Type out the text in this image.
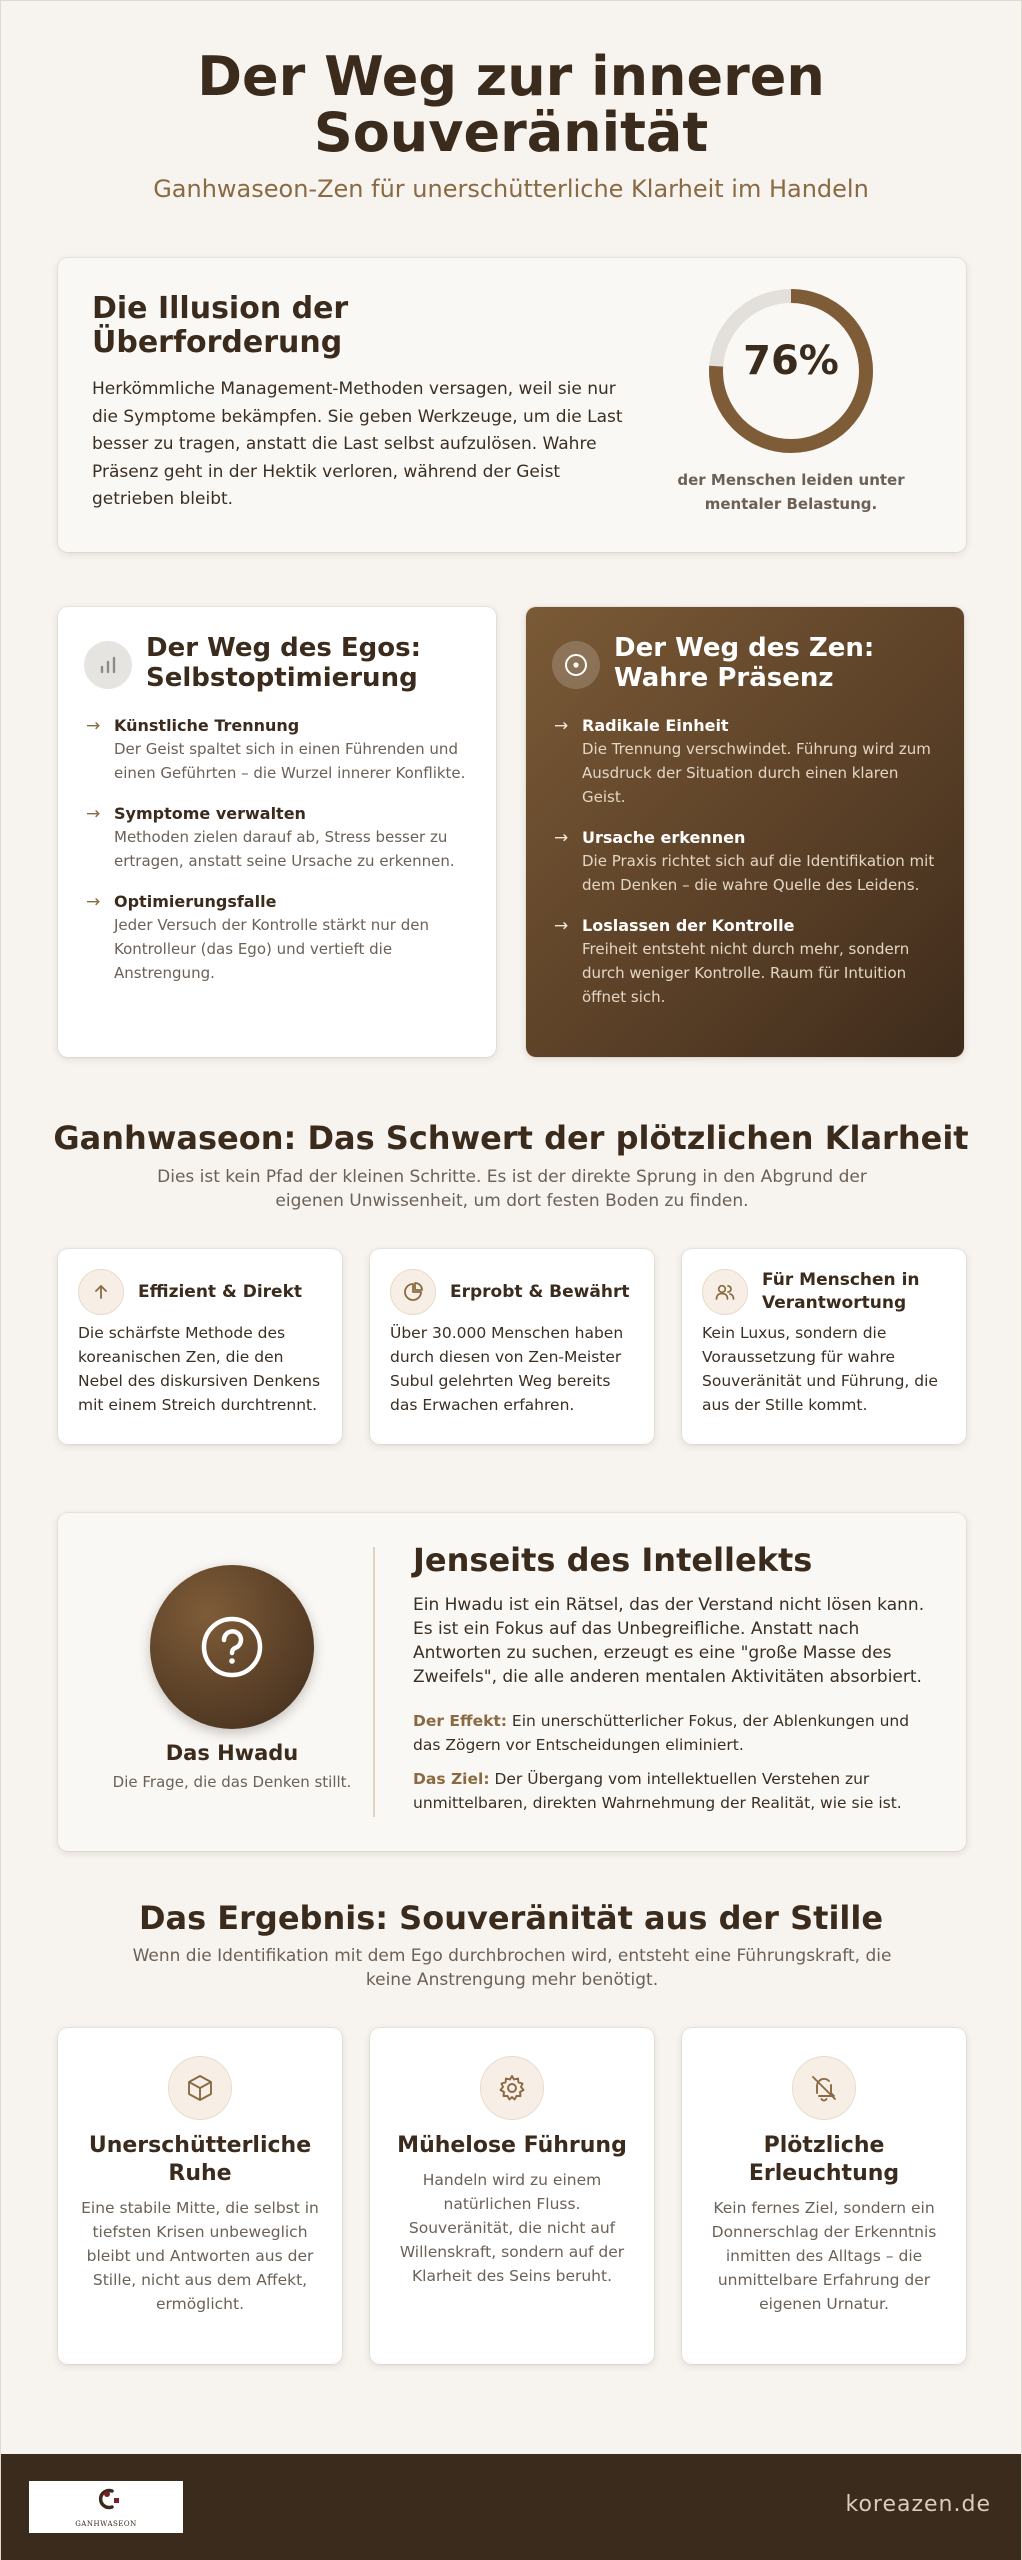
Der Weg zur inneren Souveränität
Ganhwaseon-Zen für unerschütterliche Klarheit im Handeln
Die Illusion der Überforderung

Herkömmliche Management-Methoden versagen, weil sie nur die Symptome bekämpfen. Sie geben Werkzeuge, um die Last besser zu tragen, anstatt die Last selbst aufzulösen. Wahre Präsenz geht in der Hektik verloren, während der Geist getrieben bleibt.

76%
der Menschen leiden unter mentaler Belastung.
Der Weg des Egos: Selbstoptimierung
→ Künstliche Trennung
Der Geist spaltet sich in einen Führenden und einen Geführten – die Wurzel innerer Konflikte.
→ Symptome verwalten
Methoden zielen darauf ab, Stress besser zu ertragen, anstatt seine Ursache zu erkennen.
→ Optimierungsfalle
Jeder Versuch der Kontrolle stärkt nur den Kontrolleur (das Ego) und vertieft die Anstrengung.
Der Weg des Zen: Wahre Präsenz
→ Radikale Einheit
Die Trennung verschwindet. Führung wird zum Ausdruck der Situation durch einen klaren Geist.
→ Ursache erkennen
Die Praxis richtet sich auf die Identifikation mit dem Denken – die wahre Quelle des Leidens.
→ Loslassen der Kontrolle
Freiheit entsteht nicht durch mehr, sondern durch weniger Kontrolle. Raum für Intuition öffnet sich.
Ganhwaseon: Das Schwert der plötzlichen Klarheit

Dies ist kein Pfad der kleinen Schritte. Es ist der direkte Sprung in den Abgrund der eigenen Unwissenheit, um dort festen Boden zu finden.

Effizient & Direkt

Die schärfste Methode des koreanischen Zen, die den Nebel des diskursiven Denkens mit einem Streich durchtrennt.

Erprobt & Bewährt

Über 30.000 Menschen haben durch diesen von Zen-Meister Subul gelehrten Weg bereits das Erwachen erfahren.

Für Menschen in Verantwortung

Kein Luxus, sondern die Voraussetzung für wahre Souveränität und Führung, die aus der Stille kommt.

Das Hwadu
Die Frage, die das Denken stillt.
Jenseits des Intellekts

Ein Hwadu ist ein Rätsel, das der Verstand nicht lösen kann. Es ist ein Fokus auf das Unbegreifliche. Anstatt nach Antworten zu suchen, erzeugt es eine "große Masse des Zweifels", die alle anderen mentalen Aktivitäten absorbiert.

Der Effekt: Ein unerschütterlicher Fokus, der Ablenkungen und das Zögern vor Entscheidungen eliminiert.

Das Ziel: Der Übergang vom intellektuellen Verstehen zur unmittelbaren, direkten Wahrnehmung der Realität, wie sie ist.

Das Ergebnis: Souveränität aus der Stille

Wenn die Identifikation mit dem Ego durchbrochen wird, entsteht eine Führungskraft, die keine Anstrengung mehr benötigt.

Unerschütterliche Ruhe

Eine stabile Mitte, die selbst in tiefsten Krisen unbeweglich bleibt und Antworten aus der Stille, nicht aus dem Affekt, ermöglicht.

Mühelose Führung

Handeln wird zu einem natürlichen Fluss. Souveränität, die nicht auf Willenskraft, sondern auf der Klarheit des Seins beruht.

Plötzliche Erleuchtung

Kein fernes Ziel, sondern ein Donnerschlag der Erkenntnis inmitten des Alltags – die unmittelbare Erfahrung der eigenen Urnatur.

GANHWASEON
koreazen.de
